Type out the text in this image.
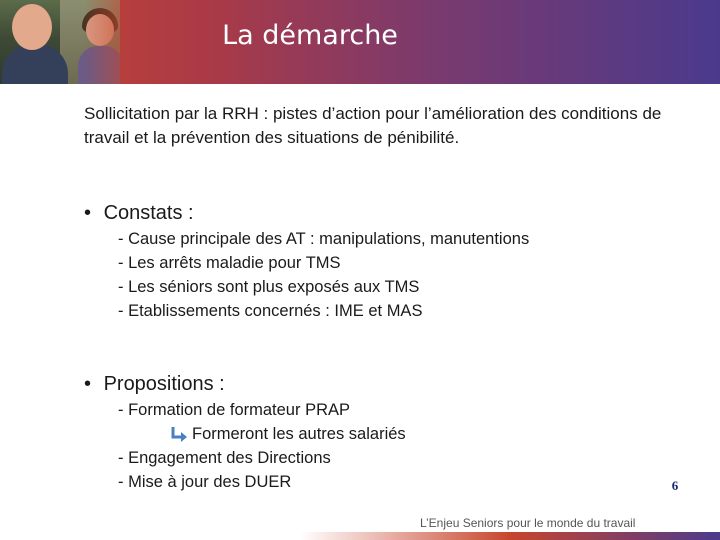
La démarche

Sollicitation par la RRH : pistes d’action pour l’amélioration des conditions de travail et la prévention des situations de pénibilité.

• Constats :
- Cause principale des AT : manipulations, manutentions
- Les arrêts maladie pour TMS
- Les séniors sont plus exposés aux TMS
- Etablissements concernés : IME et MAS
• Propositions :
- Formation de formateur PRAP
Formeront les autres salariés
- Engagement des Directions
- Mise à jour des DUER	6
L’Enjeu Seniors pour le monde du travail
